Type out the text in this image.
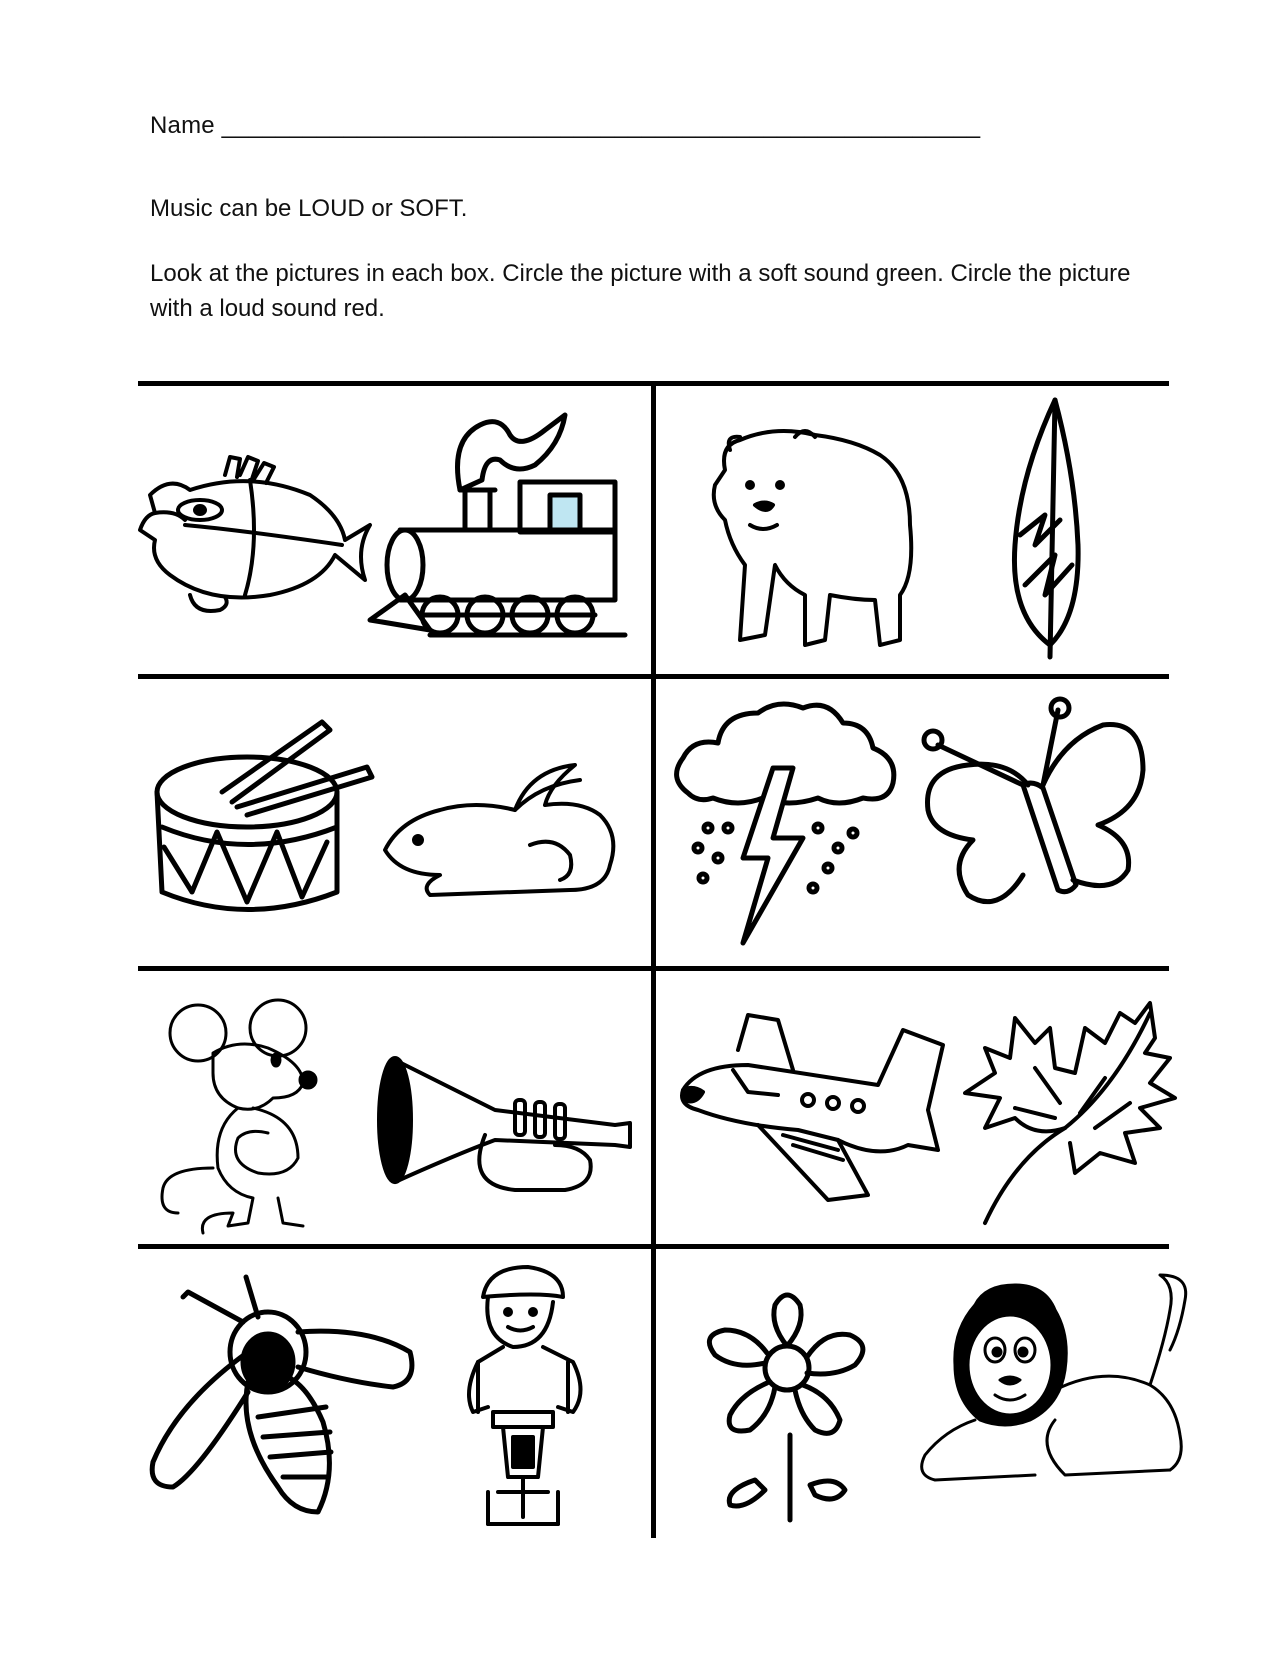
Name ________________________________________________________
Music can be LOUD or SOFT.
Look at the pictures in each box. Circle the picture with a soft sound green. Circle the picture with a loud sound red.
